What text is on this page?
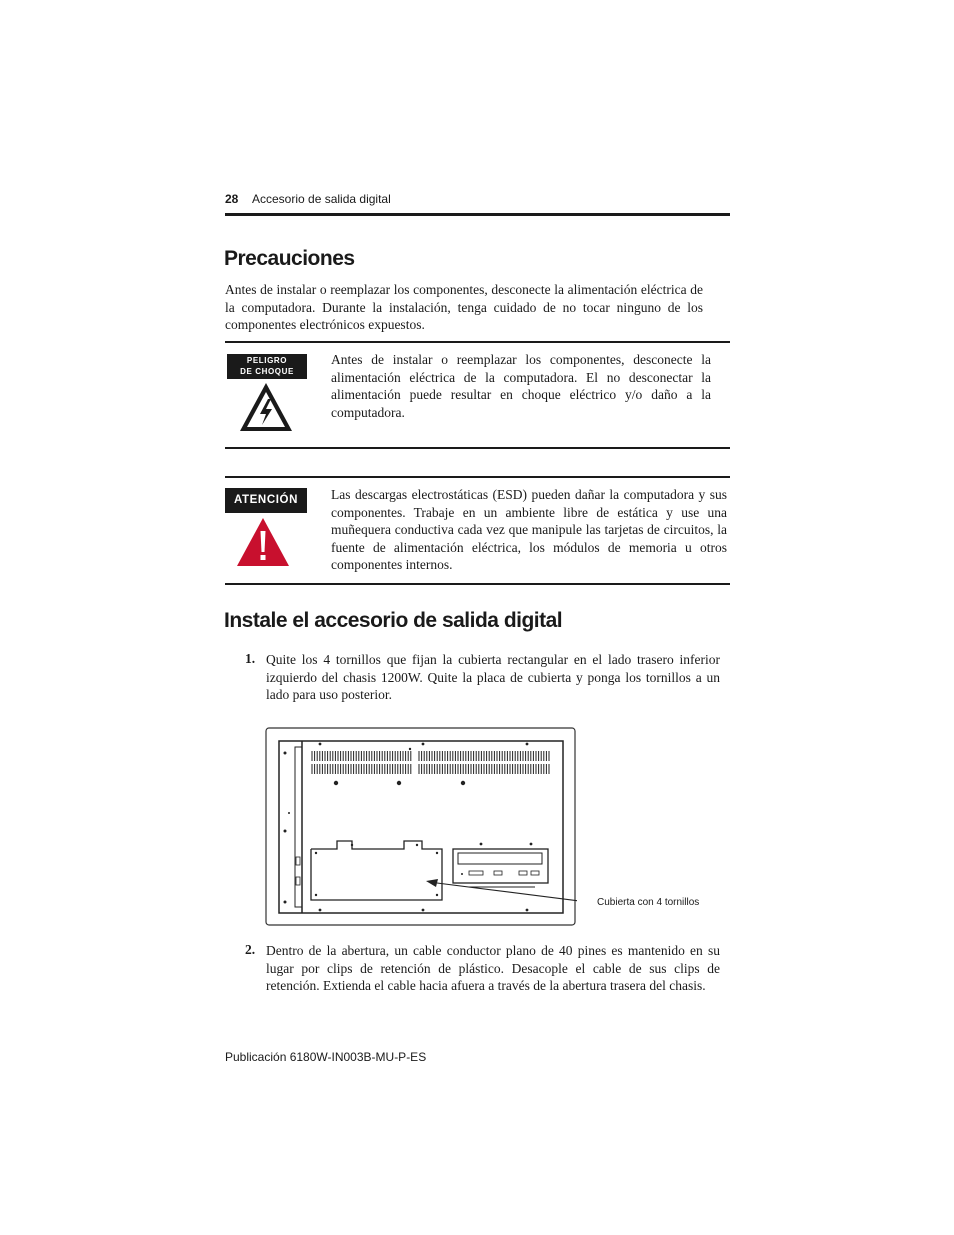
28 Accesorio de salida digital
Precauciones
Antes de instalar o reemplazar los componentes, desconecte la alimentación eléctrica de la computadora. Durante la instalación, tenga cuidado de no tocar ninguno de los componentes electrónicos expuestos.
PELIGRO
DE CHOQUE
Antes de instalar o reemplazar los componentes, desconecte la alimentación eléctrica de la computadora. El no desconectar la alimentación puede resultar en choque eléctrico y/o daño a la computadora.
ATENCIÓN	Las descargas electrostáticas (ESD) pueden dañar la computadora y sus componentes. Trabaje en un ambiente libre de estática y use una muñequera conductiva cada vez que manipule las tarjetas de circuitos, la fuente de alimentación eléctrica, los módulos de memoria u otros componentes internos.
Instale el accesorio de salida digital
1. Quite los 4 tornillos que fijan la cubierta rectangular en el lado trasero inferior izquierdo del chasis 1200W. Quite la placa de cubierta y ponga los tornillos a un lado para uso posterior.
Cubierta con 4 tornillos
2. Dentro de la abertura, un cable conductor plano de 40 pines es mantenido en su lugar por clips de retención de plástico. Desacople el cable de sus clips de retención. Extienda el cable hacia afuera a través de la abertura trasera del chasis.
Publicación 6180W-IN003B-MU-P-ES
